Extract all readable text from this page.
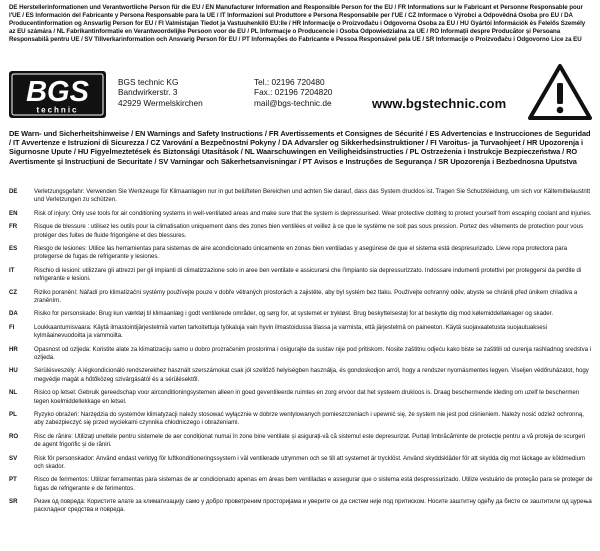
DE Herstellerinformationen und Verantwortliche Person für die EU / EN Manufacturer Information and Responsible Person for the EU / FR Informations sur le Fabricant et Personne Responsable pour l'UE / ES Información del Fabricante y Persona Responsable para la UE / IT Informazioni sul Produttore e Persona Responsabile per l'UE / CZ Informace o Výrobci a Odpovědná Osoba pro EU / DA Producentinformation og Ansvarlig Person for EU / FI Valmistajan Tiedot ja Vastuuhenkilö EU:lle / HR Informacije o Proizvođaču i Odgovorna Osoba za EU / HU Gyártói Információk és Felelős Személy az EU számára / NL Fabrikantinformatie en Verantwoordelijke Persoon voor de EU / PL Informacje o Producencie i Osoba Odpowiedzialna za UE / RO Informații despre Producător și Persoana Responsabilă pentru UE / SV Tillverkarinformation och Ansvarig Person för EU / PT Informações do Fabricante e Pessoa Responsável pela UE / SR Informacije o Proizvođaču i Odgovorno Lice za EU
BGS
technic
BGS technic KG
Bandwirkerstr. 3
42929 Wermelskirchen
Tel.: 02196 720480
Fax.: 02196 7204820
mail@bgs-technic.de	www.bgstechnic.com
DE Warn- und Sicherheitshinweise / EN Warnings and Safety Instructions / FR Avertissements et Consignes de Sécurité / ES Advertencias e Instrucciones de Seguridad / IT Avvertenze e Istruzioni di Sicurezza / CZ Varování a Bezpečnostní Pokyny / DA Advarsler og Sikkerhedsinstruktioner / FI Varoitus- ja Turvaohjeet / HR Upozorenja i Sigurnosne Upute / HU Figyelmeztetések és Biztonsági Utasítások / NL Waarschuwingen en Veiligheidsinstructies / PL Ostrzeżenia i Instrukcje Bezpieczeństwa / RO Avertismente și Instrucțiuni de Securitate / SV Varningar och Säkerhetsanvisningar / PT Avisos e Instruções de Segurança / SR Upozorenja i Bezbednosna Uputstva
DE	Verletzungsgefahr: Verwenden Sie Werkzeuge für Klimaanlagen nur in gut belüfteten Bereichen und achten Sie darauf, dass das System drucklos ist. Tragen Sie Schutzkleidung, um sich vor Kältemittelaustritt und Verletzungen zu schützen.
EN	Risk of injury: Only use tools for air conditioning systems in well-ventilated areas and make sure that the system is depressurised. Wear protective clothing to protect yourself from escaping coolant and injuries.
FR	Risque de blessure : utilisez les outils pour la climatisation uniquement dans des zones bien ventilées et veillez à ce que le système ne soit pas sous pression. Portez des vêtements de protection pour vous protéger des fuites de fluide frigorigène et des blessures.
ES	Riesgo de lesiones: Utilice las herramientas para sistemas de aire acondicionado únicamente en zonas bien ventiladas y asegúrese de que el sistema está despresurizado. Lleve ropa protectora para protegerse de fugas de refrigerante y lesiones.
IT	Rischio di lesioni: utilizzare gli attrezzi per gli impianti di climatizzazione solo in aree ben ventilate e assicurarsi che l'impianto sia depressurizzato. Indossare indumenti protettivi per proteggersi da perdite di refrigerante e lesioni.
CZ	Riziko poranění: Nářadí pro klimatizační systémy používejte pouze v dobře větraných prostorách a zajistěte, aby byl systém bez tlaku. Používejte ochranný oděv, abyste se chránili před únikem chladiva a zraněním.
DA	Risiko for personskade: Brug kun værktøj til klimaanlæg i godt ventilerede områder, og sørg for, at systemet er trykløst. Brug beskyttelsestøj for at beskytte dig mod kølemiddellækager og skader.
FI	Loukkaantumisvaara: Käytä ilmastointijärjestelmiä varten tarkoitettuja työkaluja vain hyvin ilmastoidussa tilassa ja varmista, että järjestelmä on paineeton. Käytä suojavaatetusta suojautuaksesi kylmäainevuodoilta ja vammoilta.
HR	Opasnost od ozljeda: Koristite alate za klimatizaciju samo u dobro prozračenim prostorima i osigurajte da sustav nije pod pritiskom. Nosite zaštitnu odjeću kako biste se zaštitili od curenja rashladnog sredstva i ozljeda.
HU	Sérülésveszély: A légkondicionáló rendszerekhez használt szerszámokat csak jól szellőző helyiségben használja, és gondoskodjon arról, hogy a rendszer nyomásmentes legyen. Viseljen védőruházatot, hogy megvédje magát a hűtőközeg szivárgásától és a sérülésektől.
NL	Risico op letsel: Gebruik gereedschap voor airconditioningsystemen alleen in goed geventileerde ruimtes en zorg ervoor dat het systeem drukloos is. Draag beschermende kleding om uzelf te beschermen tegen koelmiddellekkage en letsel.
PL	Ryzyko obrażeń: Narzędzia do systemów klimatyzacji należy stosować wyłącznie w dobrze wentylowanych pomieszczeniach i upewnić się, że system nie jest pod ciśnieniem. Należy nosić odzież ochronną, aby zabezpieczyć się przed wyciekami czynnika chłodniczego i obrażeniami.
RO	Risc de rănire: Utilizați uneltele pentru sistemele de aer condiționat numai în zone bine ventilate și asigurați-vă că sistemul este depresurizat. Purtați îmbrăcăminte de protecție pentru a vă proteja de scurgeri de agent frigorific și de răniri.
SV	Risk för personskador: Använd endast verktyg för luftkonditioneringssystem i väl ventilerade utrymmen och se till att systemet är trycklöst. Använd skyddskläder för att skydda dig mot läckage av köldmedium och skador.
PT	Risco de ferimentos: Utilizar ferramentas para sistemas de ar condicionado apenas em áreas bem ventiladas e assegurar que o sistema está despressurizado. Utilize vestuário de proteção para se proteger de fugas de refrigerante e de ferimentos.
SR	Ризик од повреда: Користите алате за климатизацију само у добро проветреним просторијама и уверите се да систем није под притиском. Носите заштитну одећу да бисте се заштитили од цурења расхладног средства и повреда.
